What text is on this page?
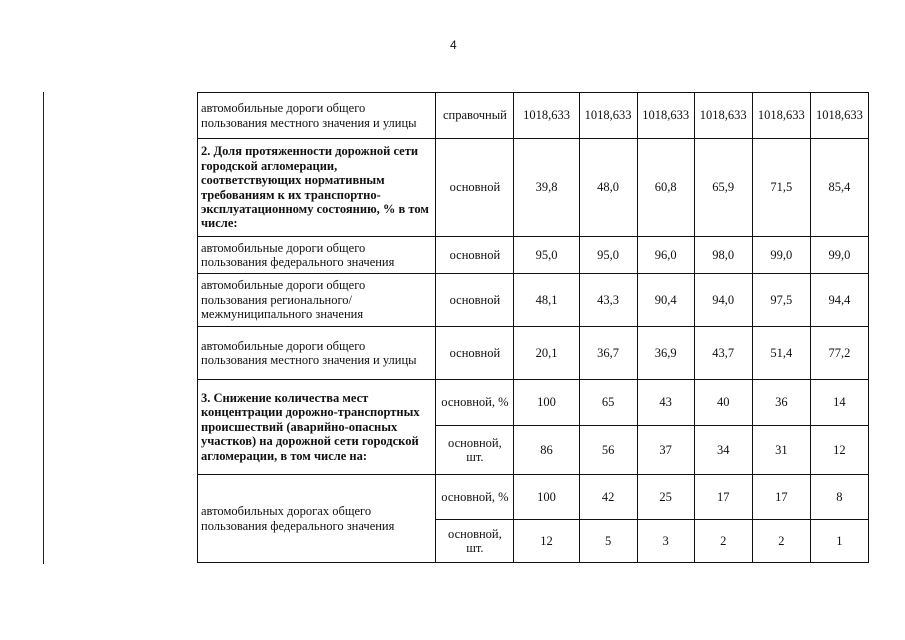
4
автомобильные дороги общего пользования местного значения и улицы	справочный	1018,633	1018,633	1018,633	1018,633	1018,633	1018,633
2. Доля протяженности дорожной сети городской агломерации, соответствующих нормативным требованиям к их транспортно-эксплуатационному состоянию, % в том числе:	основной	39,8	48,0	60,8	65,9	71,5	85,4
автомобильные дороги общего пользования федерального значения	основной	95,0	95,0	96,0	98,0	99,0	99,0
автомобильные дороги общего пользования регионального/ межмуниципального значения	основной	48,1	43,3	90,4	94,0	97,5	94,4
автомобильные дороги общего пользования местного значения и улицы	основной	20,1	36,7	36,9	43,7	51,4	77,2
3. Снижение количества мест концентрации дорожно-транспортных происшествий (аварийно-опасных участков) на дорожной сети городской агломерации, в том числе на:	основной, %	100	65	43	40	36	14
	основной, шт.	86	56	37	34	31	12
автомобильных дорогах общего пользования федерального значения	основной, %	100	42	25	17	17	8
	основной, шт.	12	5	3	2	2	1
